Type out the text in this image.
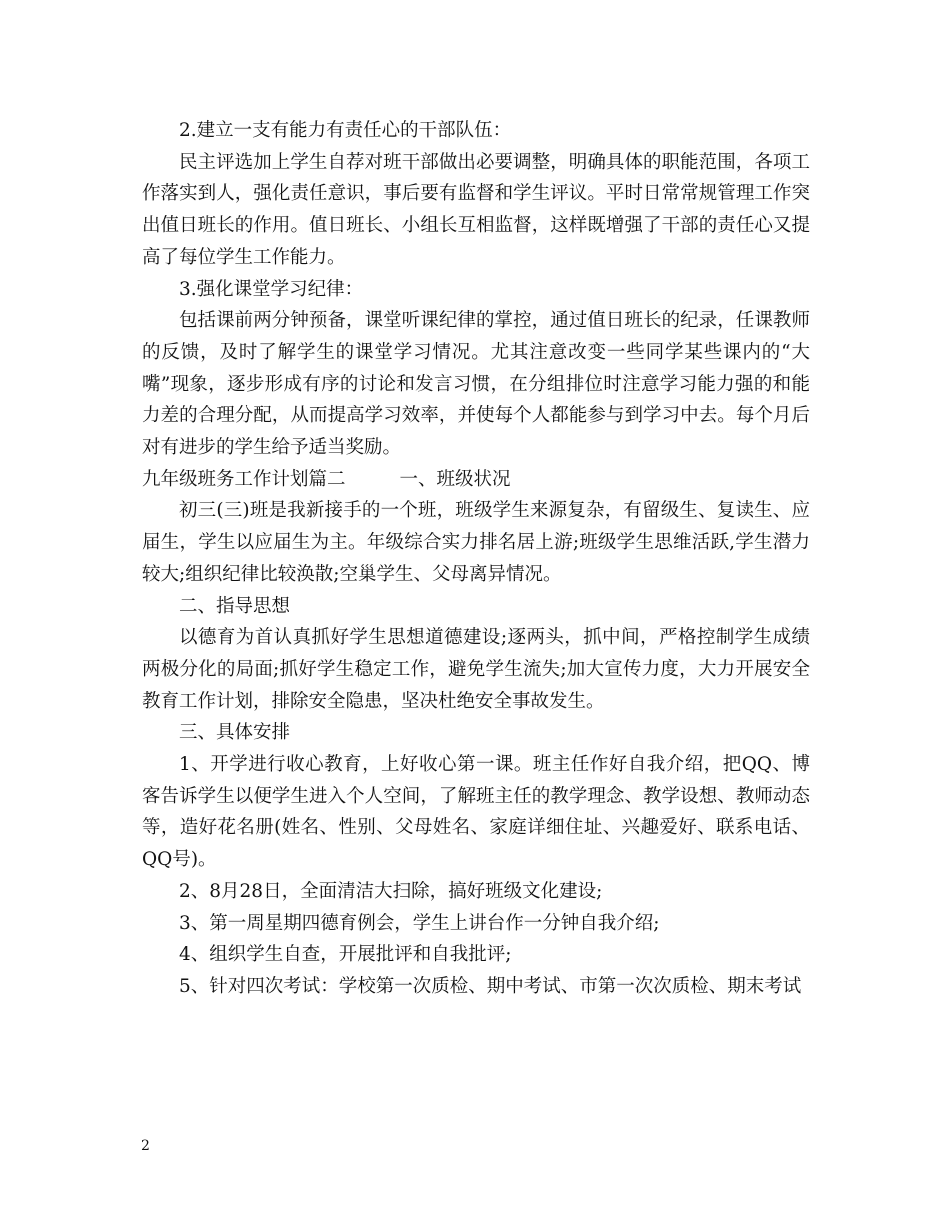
2.建立一支有能力有责任心的干部队伍：

民主评选加上学生自荐对班干部做出必要调整，明确具体的职能范围，各项工作落实到人，强化责任意识，事后要有监督和学生评议。平时日常常规管理工作突出值日班长的作用。值日班长、小组长互相监督，这样既增强了干部的责任心又提高了每位学生工作能力。

3.强化课堂学习纪律：

包括课前两分钟预备，课堂听课纪律的掌控，通过值日班长的纪录，任课教师的反馈，及时了解学生的课堂学习情况。尤其注意改变一些同学某些课内的“大嘴”现象，逐步形成有序的讨论和发言习惯，在分组排位时注意学习能力强的和能力差的合理分配，从而提高学习效率，并使每个人都能参与到学习中去。每个月后对有进步的学生给予适当奖励。

九年级班务工作计划篇二	一、班级状况

初三(三)班是我新接手的一个班，班级学生来源复杂，有留级生、复读生、应届生，学生以应届生为主。年级综合实力排名居上游;班级学生思维活跃,学生潜力较大;组织纪律比较涣散;空巢学生、父母离异情况。

二、指导思想

以德育为首认真抓好学生思想道德建设;逐两头，抓中间，严格控制学生成绩两极分化的局面;抓好学生稳定工作，避免学生流失;加大宣传力度，大力开展安全教育工作计划，排除安全隐患，坚决杜绝安全事故发生。

三、具体安排

1、开学进行收心教育，上好收心第一课。班主任作好自我介绍，把QQ、博客告诉学生以便学生进入个人空间，了解班主任的教学理念、教学设想、教师动态等，造好花名册(姓名、性别、父母姓名、家庭详细住址、兴趣爱好、联系电话、QQ号)。

2、8月28日，全面清洁大扫除，搞好班级文化建设;

3、第一周星期四德育例会，学生上讲台作一分钟自我介绍;

4、组织学生自查，开展批评和自我批评;

5、针对四次考试：学校第一次质检、期中考试、市第一次次质检、期末考试

2
